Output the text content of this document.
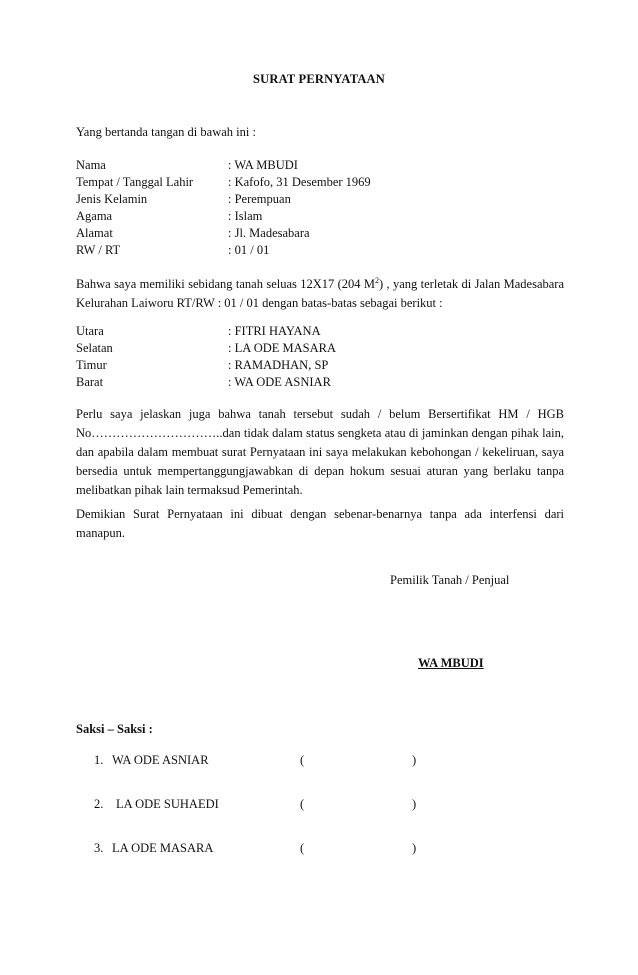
SURAT PERNYATAAN
Yang bertanda tangan di bawah ini :
Nama	: WA MBUDI
Tempat / Tanggal Lahir	: Kafofo, 31 Desember 1969
Jenis Kelamin	: Perempuan
Agama	: Islam
Alamat	: Jl. Madesabara
RW / RT	: 01 / 01
Bahwa saya memiliki sebidang tanah seluas 12X17 (204 $M^2$) , yang terletak di Jalan Madesabara Kelurahan Laiworu RT/RW : 01 / 01 dengan batas-batas sebagai berikut :
Utara	: FITRI HAYANA
Selatan	: LA ODE MASARA
Timur	: RAMADHAN, SP
Barat	: WA ODE ASNIAR
Perlu saya jelaskan juga bahwa tanah tersebut sudah / belum Bersertifikat HM / HGB No…………………………..dan tidak dalam status sengketa atau di jaminkan dengan pihak lain, dan apabila dalam membuat surat Pernyataan ini saya melakukan kebohongan / kekeliruan, saya bersedia untuk mempertanggungjawabkan di depan hokum sesuai aturan yang berlaku tanpa melibatkan pihak lain termaksud Pemerintah.
Demikian Surat Pernyataan ini dibuat dengan sebenar-benarnya tanpa ada interfensi dari manapun.
Pemilik Tanah / Penjual
WA MBUDI
Saksi – Saksi :
1. WA ODE ASNIAR	(	)
2. LA ODE SUHAEDI	(	)
3. LA ODE MASARA	(	)
